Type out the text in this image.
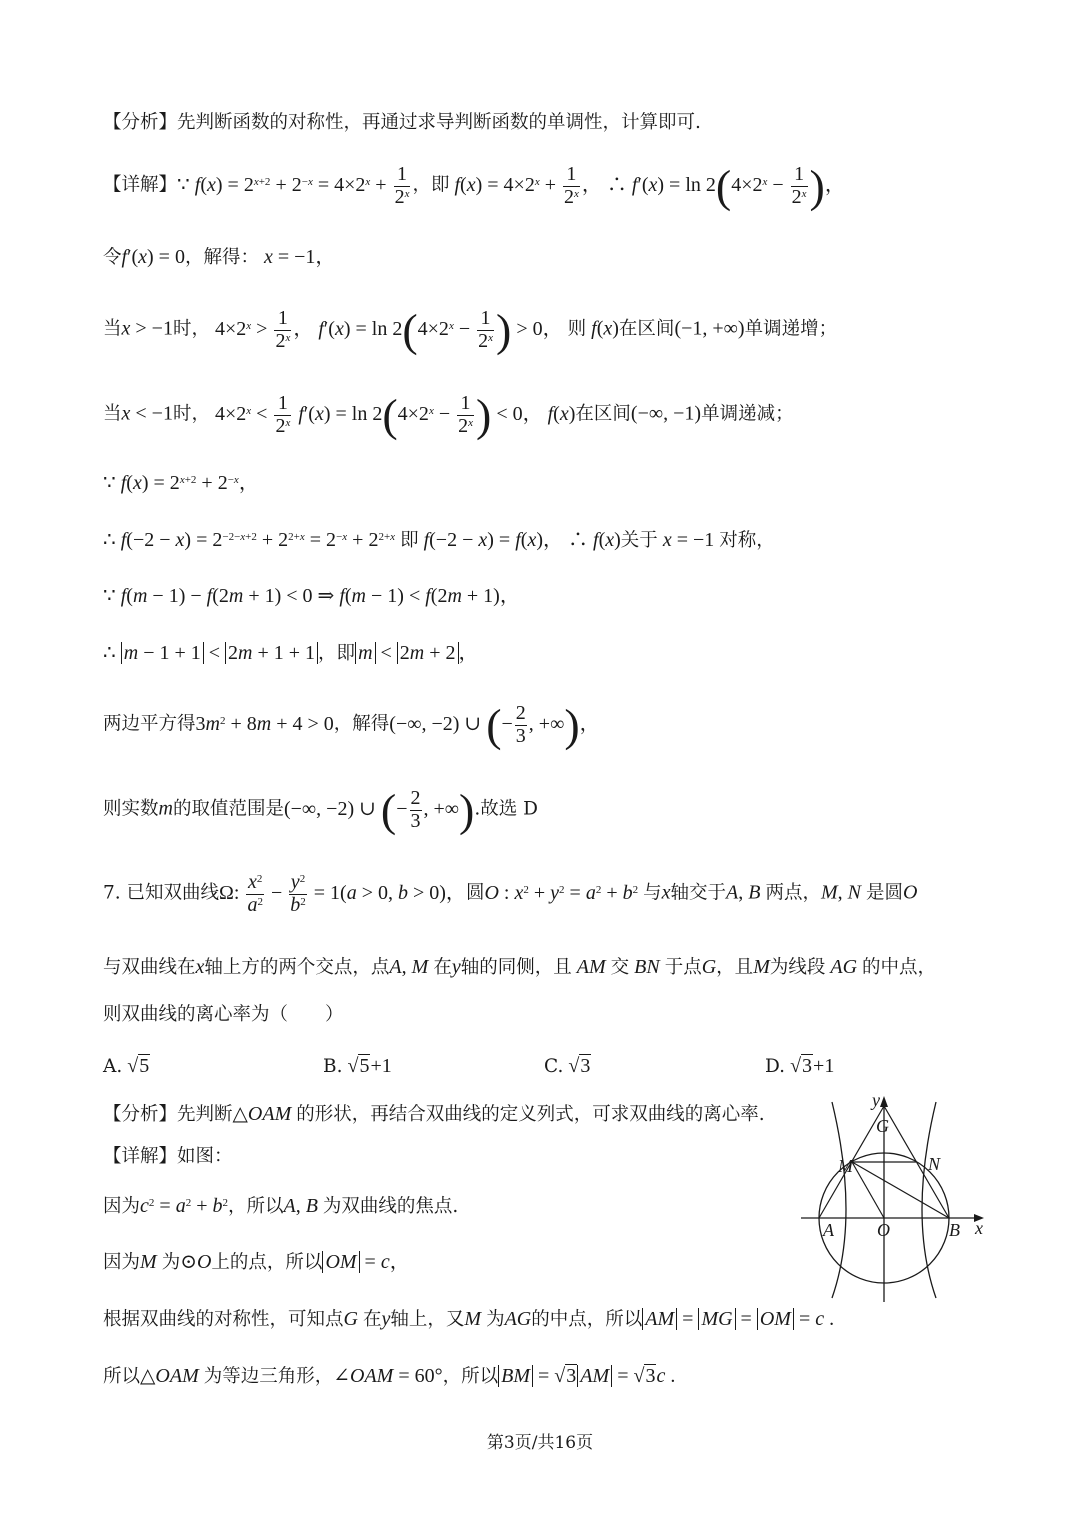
【分析】先判断函数的对称性，再通过求导判断函数的单调性，计算即可.
【详解】∵ $f(x) = 2^{x+2} + 2^{-x} = 4\times 2^x + \frac{1}{2^x}$ ，即 $f(x) = 4\times 2^x + \frac{1}{2^x}$ ， ∴ $f'(x) = \ln 2(4\times 2^x - \frac{1}{2^x}$ )，
令f′(x) = 0，解得： x = −1，
当x > −1时， $4\times 2^x > \frac{1}{2^x}$ ， $f'(x) = \ln 2(4\times 2^x - \frac{1}{2^x}$ ) > 0， 则 f(x)在区间(−1, +∞)单调递增；
当x < −1时， $4\times 2^x < \frac{1}{2^x} f'(x) = \ln 2(4\times 2^x - \frac{1}{2^x}$ ) < 0， f(x)在区间(−∞, −1)单调递减；
∵ $f(x) = 2^{x+2} + 2^{-x}$，
∴ $f(-2 - x) = 2^{-2-x+2} + 2^{2+x} = 2^{-x} + 2^{2+x}$ 即 f(−2 − x) = f(x)， ∴ f(x)关于 x = −1 对称，
∵ f(m − 1) − f(2m + 1) < 0 ⇒ f(m − 1) < f(2m + 1)，
∴ m − 1 + 1 < 2m + 1 + 1 ，即 m < 2m + 2 ，
两边平方得$3m^2 + 8m + 4 > 0$，解得(−∞, −2) ∪ (− $\frac{2}{3}$ , +∞)，
则实数m的取值范围是(−∞, −2) ∪ (− $\frac{2}{3}$ , +∞).故选 D
7. 已知双曲线Ω: $\frac{x^2}{a^2} - \frac{y^2}{b^2} = 1(a > 0$, b > 0)，圆O : $x^2 + y^2 = a^2 + b^2$ 与x轴交于A, B 两点，M, N 是圆O
与双曲线在x轴上方的两个交点，点A, M 在y轴的同侧，且 AM 交 BN 于点G，且M为线段 AG 的中点，
则双曲线的离心率为（　　）
A. √5	B. √5+1	C. √3	D. √3+1
【分析】先判断△OAM 的形状，再结合双曲线的定义列式，可求双曲线的离心率.
【详解】如图：
因为$c^2 = a^2 + b^2$，所以A, B 为双曲线的焦点.
因为M 为⊙O上的点，所以 OM = c，
根据双曲线的对称性，可知点G 在y轴上，又M 为AG的中点，所以 AM = MG = OM = c .
所以△OAM 为等边三角形，∠OAM = 60°，所以 BM = √3 AM = √3c .
y
G
M	N
A O	B x
第3页/共16页
